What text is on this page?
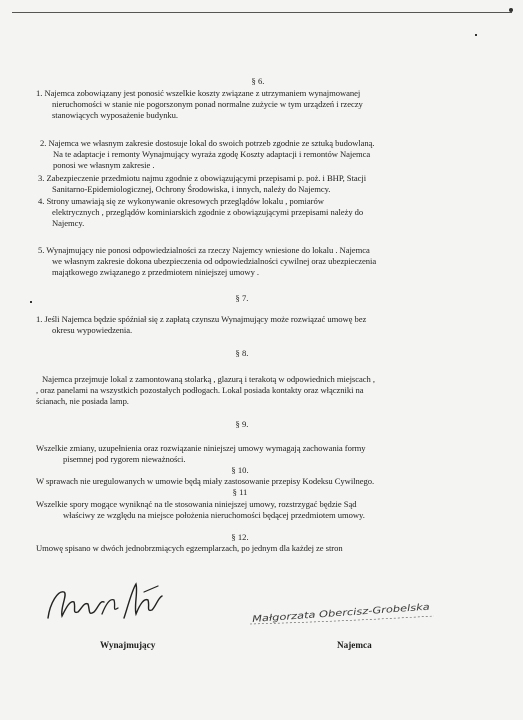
§ 6.
1. Najemca zobowiązany jest ponosić wszelkie koszty związane z utrzymaniem wynajmowanej
nieruchomości w stanie nie pogorszonym ponad normalne zużycie w tym urządzeń i rzeczy
stanowiących wyposażenie budynku.
2. Najemca we własnym zakresie dostosuje lokal do swoich potrzeb zgodnie ze sztuką budowlaną.
Na te adaptacje i remonty Wynajmujący wyraża zgodę Koszty adaptacji i remontów Najemca
ponosi we własnym zakresie .
3. Zabezpieczenie przedmiotu najmu zgodnie z obowiązującymi przepisami p. poż. i BHP, Stacji
Sanitarno-Epidemiologicznej, Ochrony Środowiska, i innych, należy do Najemcy.
4. Strony umawiają się ze wykonywanie okresowych przeglądów lokalu , pomiarów
elektrycznych , przeglądów kominiarskich zgodnie z obowiązującymi przepisami należy do
Najemcy.
5. Wynajmujący nie ponosi odpowiedzialności za rzeczy Najemcy wniesione do lokalu . Najemca
we własnym zakresie dokona ubezpieczenia od odpowiedzialności cywilnej oraz ubezpieczenia
majątkowego związanego z przedmiotem niniejszej umowy .
§ 7.
1. Jeśli Najemca będzie spóźniał się z zapłatą czynszu Wynajmujący może rozwiązać umowę bez
okresu wypowiedzenia.
§ 8.
Najemca przejmuje lokal z zamontowaną stolarką , glazurą i terakotą w odpowiednich miejscach ,
, oraz panelami na wszystkich pozostałych podłogach. Lokal posiada kontakty oraz włączniki na
ścianach, nie posiada lamp.
§ 9.
Wszelkie zmiany, uzupełnienia oraz rozwiązanie niniejszej umowy wymagają zachowania formy
pisemnej pod rygorem nieważności.
§ 10.
W sprawach nie uregulowanych w umowie będą miały zastosowanie przepisy Kodeksu Cywilnego.
§ 11
Wszelkie spory mogące wyniknąć na tle stosowania niniejszej umowy, rozstrzygać będzie Sąd
właściwy ze względu na miejsce położenia nieruchomości będącej przedmiotem umowy.
§ 12.
Umowę spisano w dwóch jednobrzmiących egzemplarzach, po jednym dla każdej ze stron
Małgorzata Obercisz-Grobelska
Wynajmujący	Najemca
